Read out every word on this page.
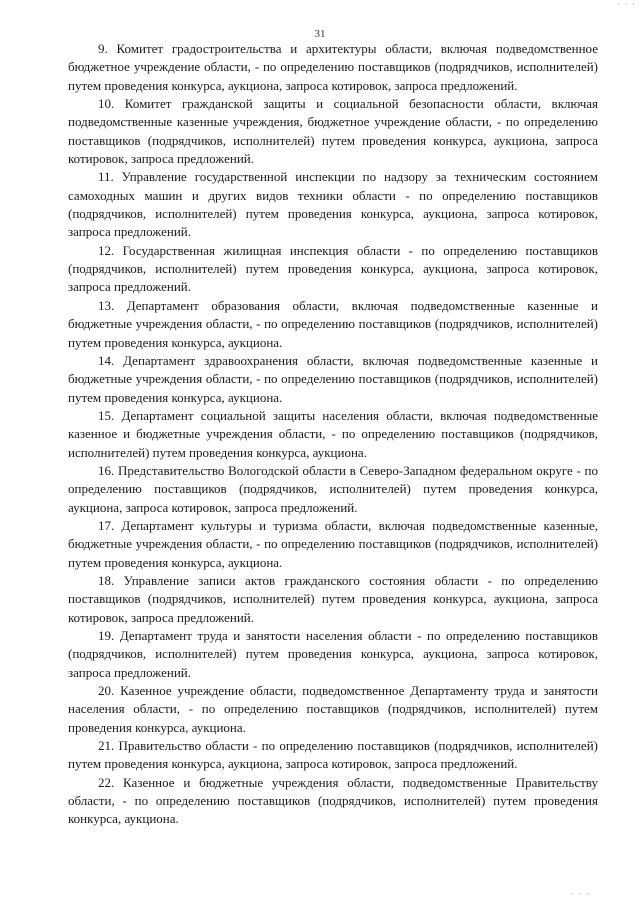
· · ·
31

9. Комитет градостроительства и архитектуры области, включая подведомственное бюджетное учреждение области, - по определению поставщиков (подрядчиков, исполнителей) путем проведения конкурса, аукциона, запроса котировок, запроса предложений.

10. Комитет гражданской защиты и социальной безопасности области, включая подведомственные казенные учреждения, бюджетное учреждение области, - по определению поставщиков (подрядчиков, исполнителей) путем проведения конкурса, аукциона, запроса котировок, запроса предложений.

11. Управление государственной инспекции по надзору за техническим состоянием самоходных машин и других видов техники области - по определению поставщиков (подрядчиков, исполнителей) путем проведения конкурса, аукциона, запроса котировок, запроса предложений.

12. Государственная жилищная инспекция области - по определению поставщиков (подрядчиков, исполнителей) путем проведения конкурса, аукциона, запроса котировок, запроса предложений.

13. Департамент образования области, включая подведомственные казенные и бюджетные учреждения области, - по определению поставщиков (подрядчиков, исполнителей) путем проведения конкурса, аукциона.

14. Департамент здравоохранения области, включая подведомственные казенные и бюджетные учреждения области, - по определению поставщиков (подрядчиков, исполнителей) путем проведения конкурса, аукциона.

15. Департамент социальной защиты населения области, включая подведомственные казенное и бюджетные учреждения области, - по определению поставщиков (подрядчиков, исполнителей) путем проведения конкурса, аукциона.

16. Представительство Вологодской области в Северо-Западном федеральном округе - по определению поставщиков (подрядчиков, исполнителей) путем проведения конкурса, аукциона, запроса котировок, запроса предложений.

17. Департамент культуры и туризма области, включая подведомственные казенные, бюджетные учреждения области, - по определению поставщиков (подрядчиков, исполнителей) путем проведения конкурса, аукциона.

18. Управление записи актов гражданского состояния области - по определению поставщиков (подрядчиков, исполнителей) путем проведения конкурса, аукциона, запроса котировок, запроса предложений.

19. Департамент труда и занятости населения области - по определению поставщиков (подрядчиков, исполнителей) путем проведения конкурса, аукциона, запроса котировок, запроса предложений.

20. Казенное учреждение области, подведомственное Департаменту труда и занятости населения области, - по определению поставщиков (подрядчиков, исполнителей) путем проведения конкурса, аукциона.

21. Правительство области - по определению поставщиков (подрядчиков, исполнителей) путем проведения конкурса, аукциона, запроса котировок, запроса предложений.

22. Казенное и бюджетные учреждения области, подведомственные Правительству области, - по определению поставщиков (подрядчиков, исполнителей) путем проведения конкурса, аукциона.

· · ·
